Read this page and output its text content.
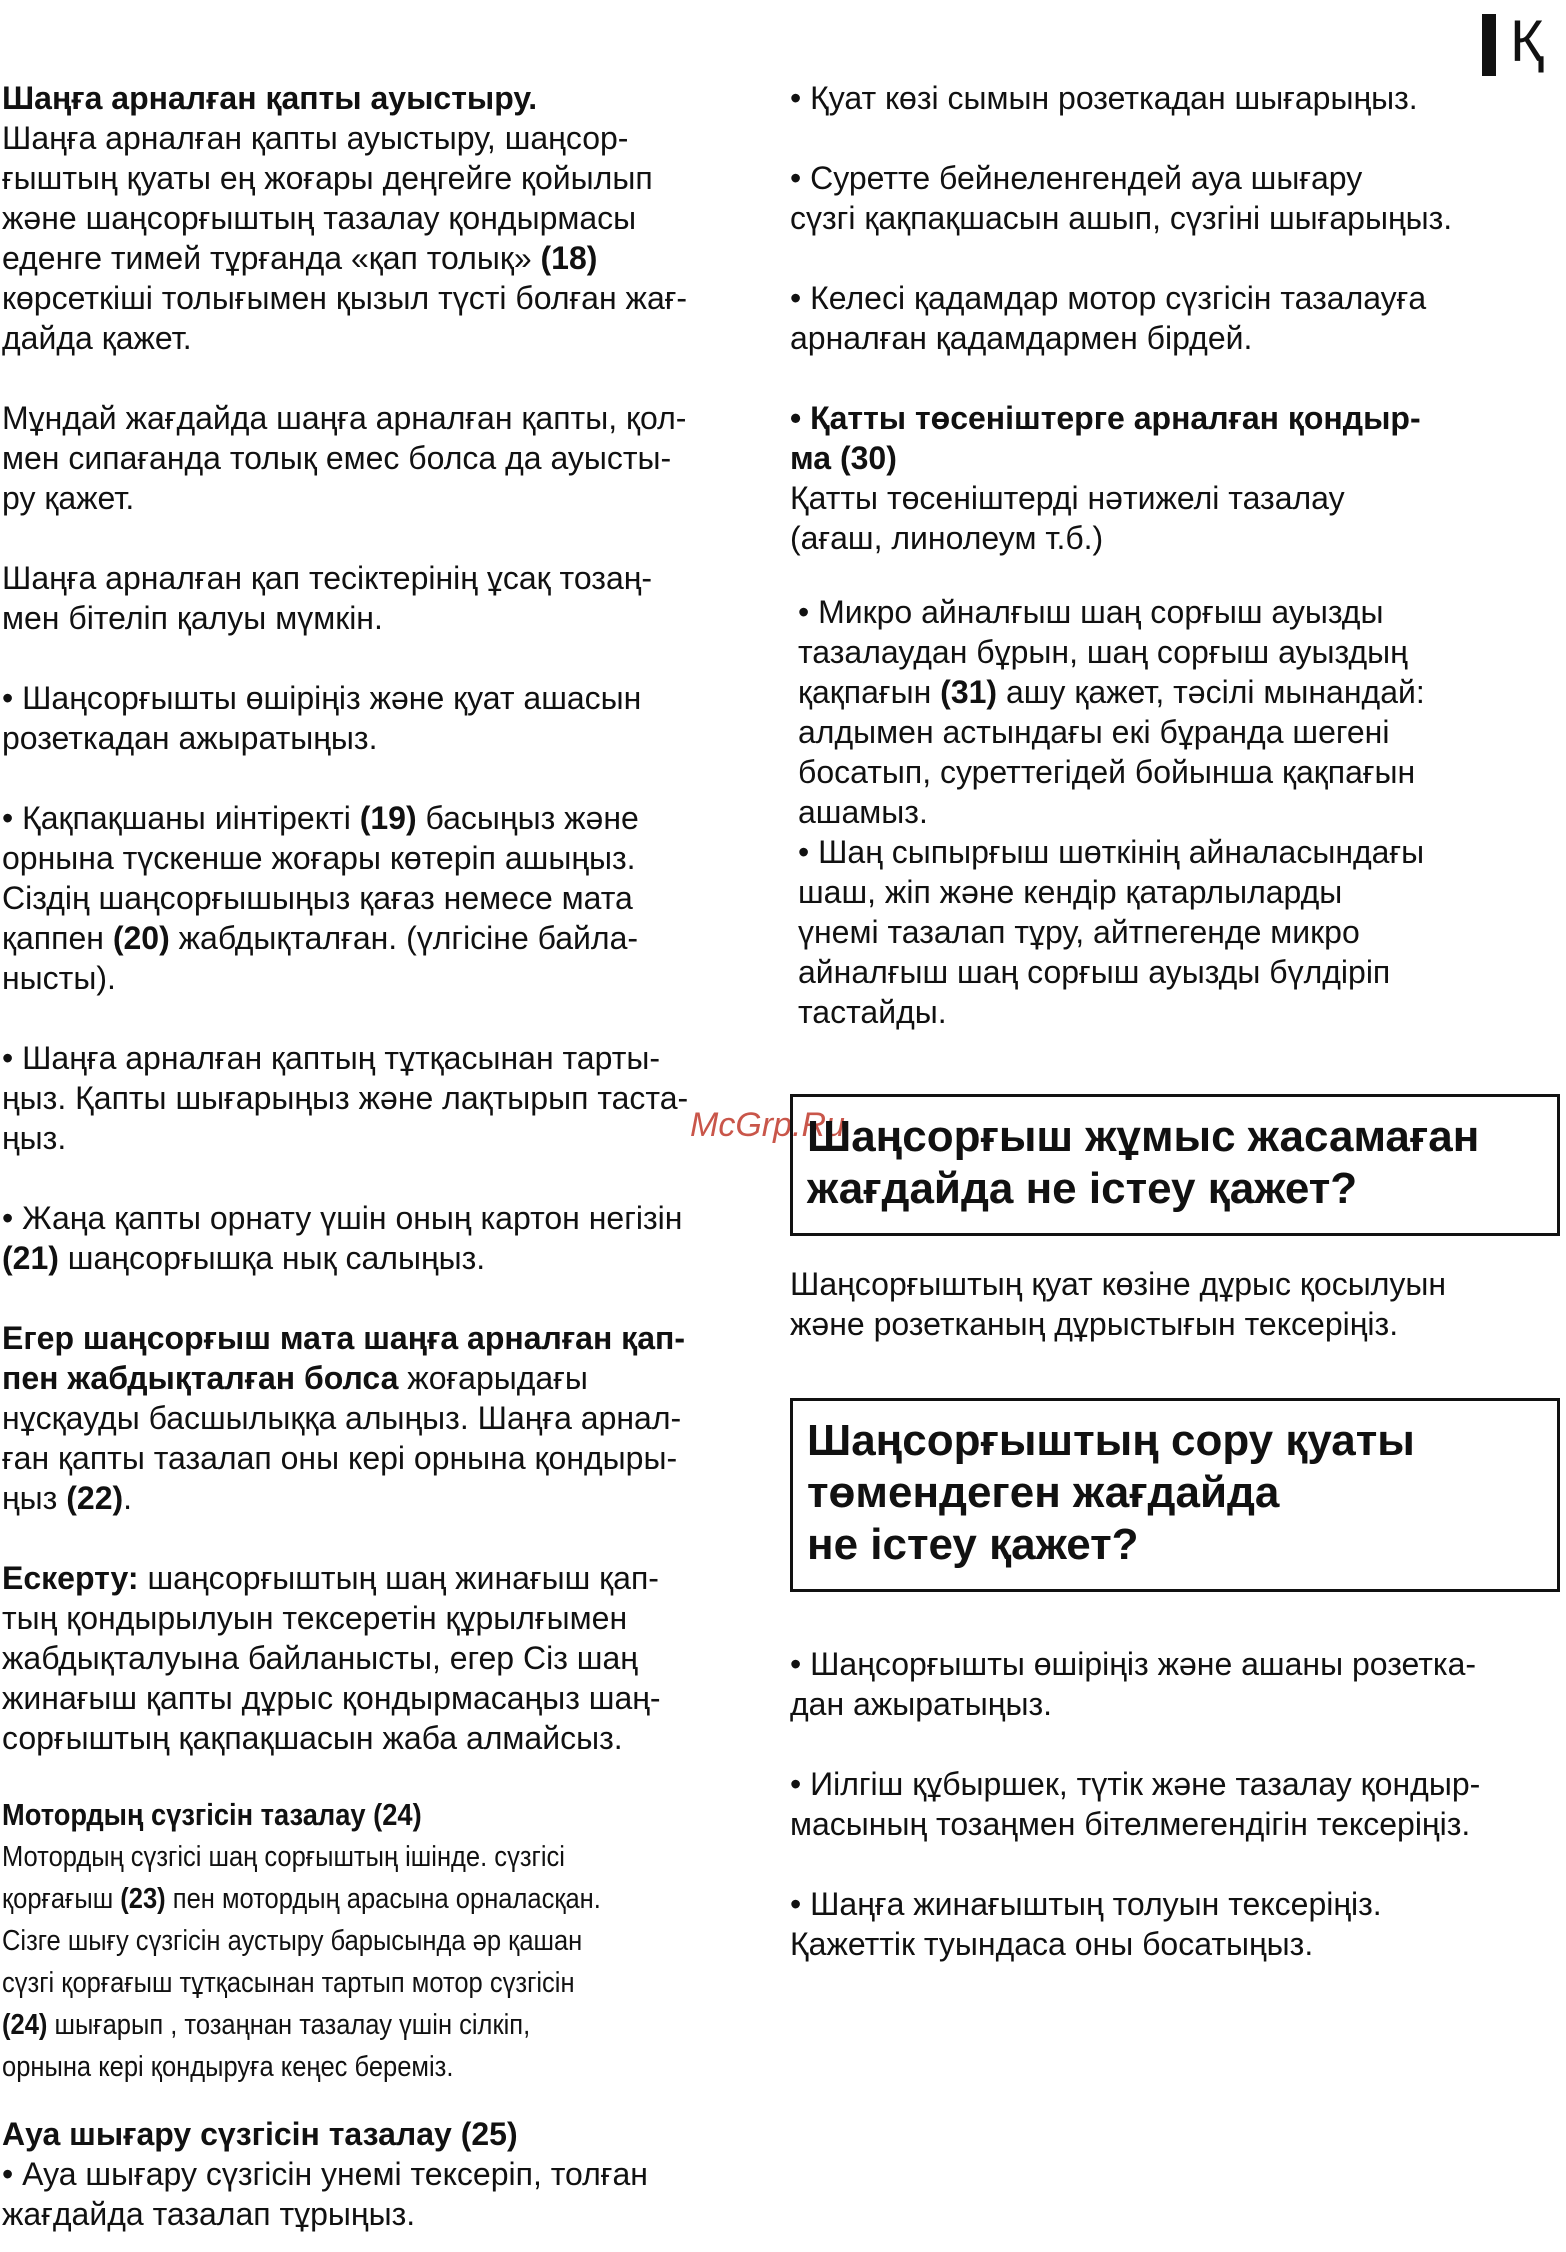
Қ
McGrp.Ru

Шаңға арналған қапты ауыстыру.

Шаңға арналған қапты ауыстыру, шаңсор-
ғыштың қуаты ең жоғары деңгейге қойылып
және шаңсорғыштың тазалау қондырмасы
еденге тимей тұрғанда «қап толық» (18)
көрсеткіші толығымен қызыл түсті болған жағ-
дайда қажет.

Мұндай жағдайда шаңға арналған қапты, қол-
мен сипағанда толық емес болса да ауысты-
ру қажет.

Шаңға арналған қап тесіктерінің ұсақ тозаң-
мен бітеліп қалуы мүмкін.

• Шаңсорғышты өшіріңіз және қуат ашасын
розеткадан ажыратыңыз.

• Қақпақшаны иінтіректі (19) басыңыз және
орнына түскенше жоғары көтеріп ашыңыз.
Сіздің шаңсорғышыңыз қағаз немесе мата
қаппен (20) жабдықталған. (үлгісіне байла-
нысты).

• Шаңға арналған қаптың тұтқасынан тарты-
ңыз. Қапты шығарыңыз және лақтырып таста-
ңыз.

• Жаңа қапты орнату үшін оның картон негізін
(21) шаңсорғышқа нық салыңыз.

Егер шаңсорғыш мата шаңға арналған қап-
пен жабдықталған болса жоғарыдағы
нұсқауды басшылыққа алыңыз. Шаңға арнал-
ған қапты тазалап оны кері орнына қондыры-
ңыз (22).

Ескерту: шаңсорғыштың шаң жинағыш қап-
тың қондырылуын тексеретін құрылғымен
жабдықталуына байланысты, егер Сіз шаң
жинағыш қапты дұрыс қондырмасаңыз шаң-
сорғыштың қақпақшасын жаба алмайсыз.

Мотордың сүзгісін тазалау (24)

Мотордың сүзгісі шаң сорғыштың ішінде. сүзгісі
қорғағыш (23) пен мотордың арасына орналасқан.
Сізге шығу сүзгісін аустыру барысында әр қашан
сүзгі қорғағыш тұтқасынан тартып мотор сүзгісін
(24) шығарып , тозаңнан тазалау үшін сілкіп,
орнына кері қондыруға кеңес береміз.

Ауа шығару сүзгісін тазалау (25)

• Ауа шығару сүзгісін унемі тексеріп, толған
жағдайда тазалап тұрыңыз.

• Қуат көзі сымын розеткадан шығарыңыз.

• Суретте бейнеленгендей ауа шығару
сүзгі қақпақшасын ашып, сүзгіні шығарыңыз.

• Келесі қадамдар мотор сүзгісін тазалауға
арналған қадамдармен бірдей.

• Қатты төсеніштерге арналған қондыр-
ма (30)

Қатты төсеніштерді нәтижелі тазалау
(ағаш, линолеум т.б.)

• Микро айналғыш шаң сорғыш ауызды
тазалаудан бұрын, шаң сорғыш ауыздың
қақпағын (31) ашу қажет, тәсілі мынандай:
алдымен астындағы екі бұранда шегені
босатып, суреттегідей бойынша қақпағын
ашамыз.

• Шаң сыпырғыш шөткінің айналасындағы
шаш, жіп және кендір қатарлыларды
үнемі тазалап тұру, айтпегенде микро
айналғыш шаң сорғыш ауызды бүлдіріп
тастайды.

Шаңсорғыш жұмыс жасамаған
жағдайда не істеу қажет?

Шаңсорғыштың қуат көзіне дұрыс қосылуын
және розетканың дұрыстығын тексеріңіз.

Шаңсорғыштың сору қуаты
төмендеген жағдайда
не істеу қажет?

• Шаңсорғышты өшіріңіз және ашаны розетка-
дан ажыратыңыз.

• Иілгіш құбыршек, түтік және тазалау қондыр-
масының тозаңмен бітелмегендігін тексеріңіз.

• Шаңға жинағыштың толуын тексеріңіз.
Қажеттік туындаса оны босатыңыз.
